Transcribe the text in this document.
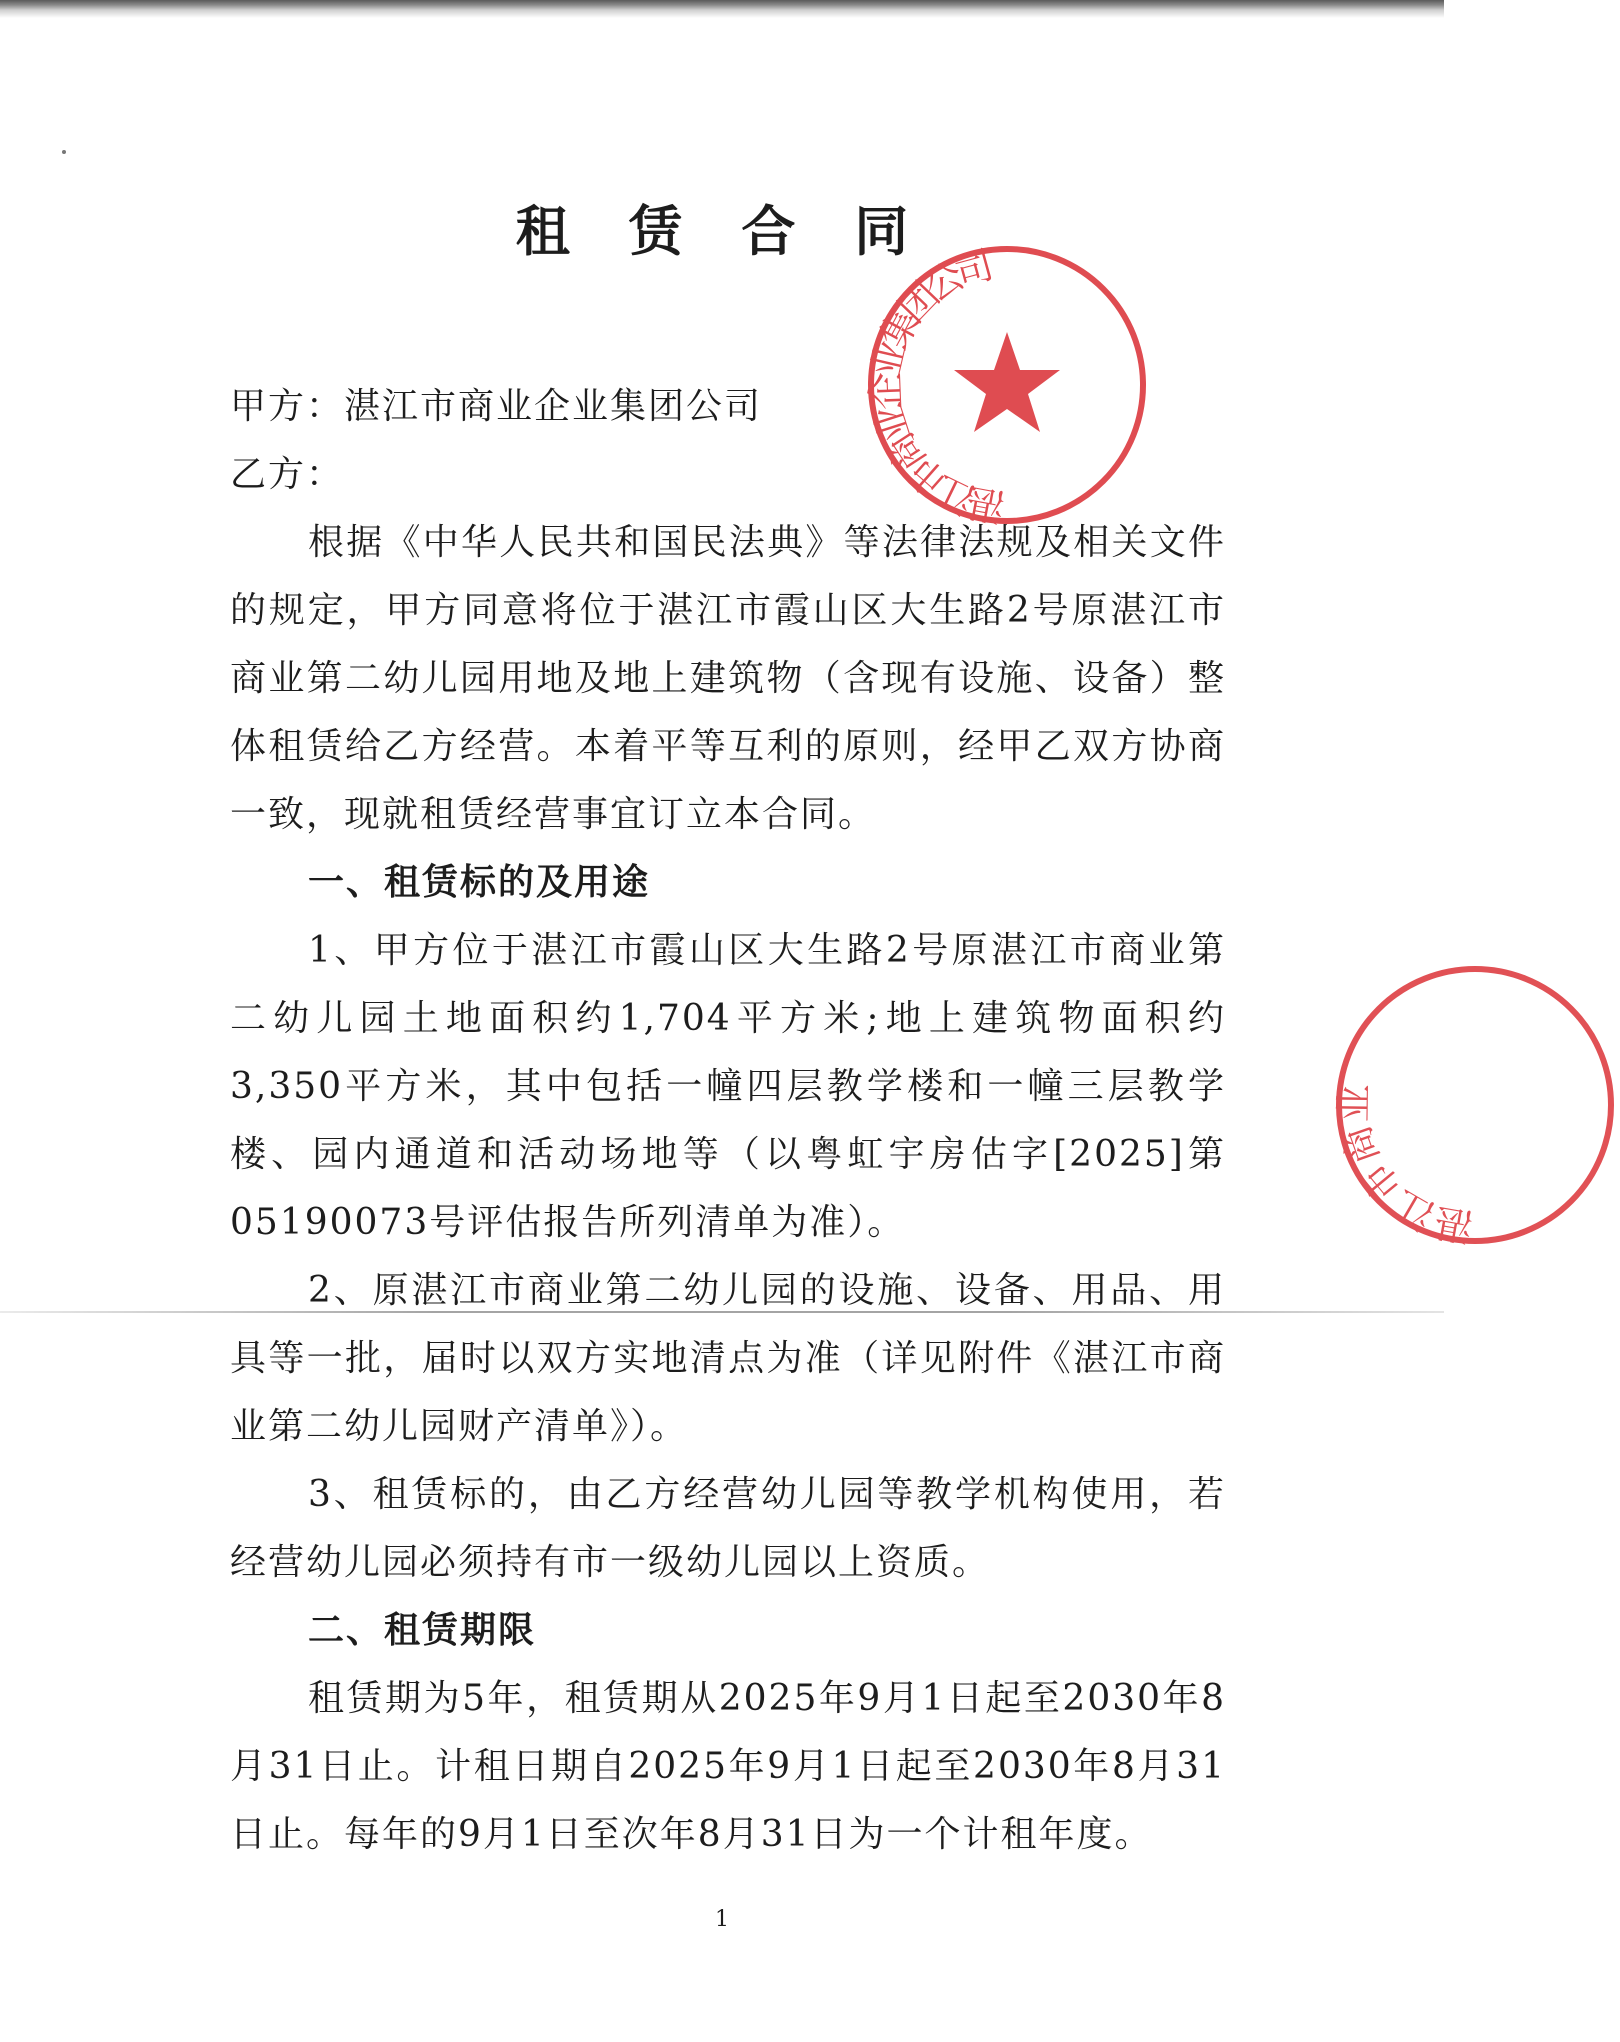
租 赁 合 同

甲方：湛江市商业企业集团公司

乙方：

根据《中华人民共和国民法典》等法律法规及相关文件的规定，甲方同意将位于湛江市霞山区大生路2号原湛江市商业第二幼儿园用地及地上建筑物（含现有设施、设备）整体租赁给乙方经营。本着平等互利的原则，经甲乙双方协商一致，现就租赁经营事宜订立本合同。

一、租赁标的及用途

1、甲方位于湛江市霞山区大生路2号原湛江市商业第二幼儿园土地面积约1,704平方米;地上建筑物面积约3,350平方米，其中包括一幢四层教学楼和一幢三层教学楼、园内通道和活动场地等（以粤虹宇房估字[2025]第05190073号评估报告所列清单为准）。

2、原湛江市商业第二幼儿园的设施、设备、用品、用具等一批，届时以双方实地清点为准（详见附件《湛江市商业第二幼儿园财产清单》）。

3、租赁标的，由乙方经营幼儿园等教学机构使用，若经营幼儿园必须持有市一级幼儿园以上资质。

二、租赁期限

租赁期为5年，租赁期从2025年9月1日起至2030年8月31日止。计租日期自2025年9月1日起至2030年8月31日止。每年的9月1日至次年8月31日为一个计租年度。

1
湛江市商业企业集团公司
湛江市商业
